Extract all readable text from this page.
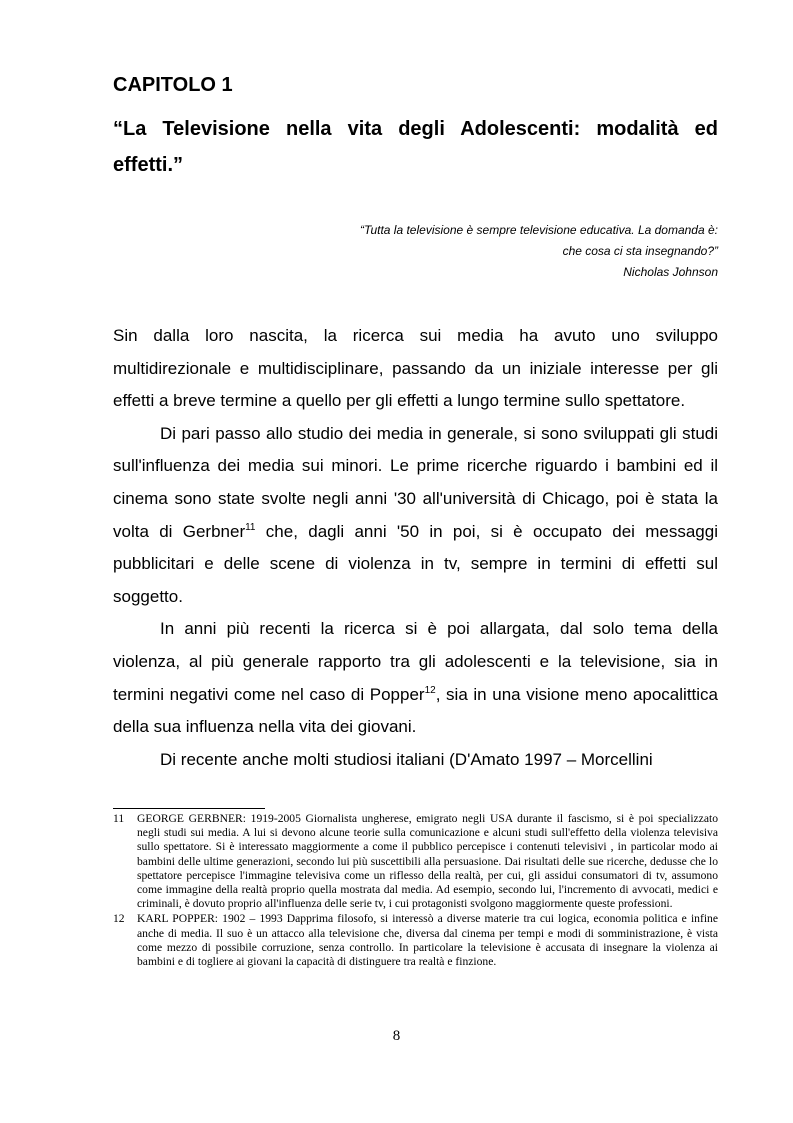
CAPITOLO 1
“La Televisione nella vita degli Adolescenti: modalità ed effetti.”
“Tutta la televisione è sempre televisione educativa. La domanda è:
che cosa ci sta insegnando?”
Nicholas Johnson

Sin dalla loro nascita, la ricerca sui media ha avuto uno sviluppo multidirezionale e multidisciplinare, passando da un iniziale interesse per gli effetti a breve termine a quello per gli effetti a lungo termine sullo spettatore.

Di pari passo allo studio dei media in generale, si sono sviluppati gli studi sull'influenza dei media sui minori. Le prime ricerche riguardo i bambini ed il cinema sono state svolte negli anni '30 all'università di Chicago, poi è stata la volta di Gerbner$^{11}$ che, dagli anni '50 in poi, si è occupato dei messaggi pubblicitari e delle scene di violenza in tv, sempre in termini di effetti sul soggetto.

In anni più recenti la ricerca si è poi allargata, dal solo tema della violenza, al più generale rapporto tra gli adolescenti e la televisione, sia in termini negativi come nel caso di Popper$^{12}$, sia in una visione meno apocalittica della sua influenza nella vita dei giovani.

Di recente anche molti studiosi italiani (D'Amato 1997 – Morcellini

11 GEORGE GERBNER: 1919-2005 Giornalista ungherese, emigrato negli USA durante il fascismo, si è poi specializzato negli studi sui media. A lui si devono alcune teorie sulla comunicazione e alcuni studi sull'effetto della violenza televisiva sullo spettatore. Si è interessato maggiormente a come il pubblico percepisce i contenuti televisivi , in particolar modo ai bambini delle ultime generazioni, secondo lui più suscettibili alla persuasione. Dai risultati delle sue ricerche, dedusse che lo spettatore percepisce l'immagine televisiva come un riflesso della realtà, per cui, gli assidui consumatori di tv, assumono come immagine della realtà proprio quella mostrata dal media. Ad esempio, secondo lui, l'incremento di avvocati, medici e criminali, è dovuto proprio all'influenza delle serie tv, i cui protagonisti svolgono maggiormente queste professioni.
12 KARL POPPER: 1902 – 1993 Dapprima filosofo, si interessò a diverse materie tra cui logica, economia politica e infine anche di media. Il suo è un attacco alla televisione che, diversa dal cinema per tempi e modi di somministrazione, è vista come mezzo di possibile corruzione, senza controllo. In particolare la televisione è accusata di insegnare la violenza ai bambini e di togliere ai giovani la capacità di distinguere tra realtà e finzione.
8
